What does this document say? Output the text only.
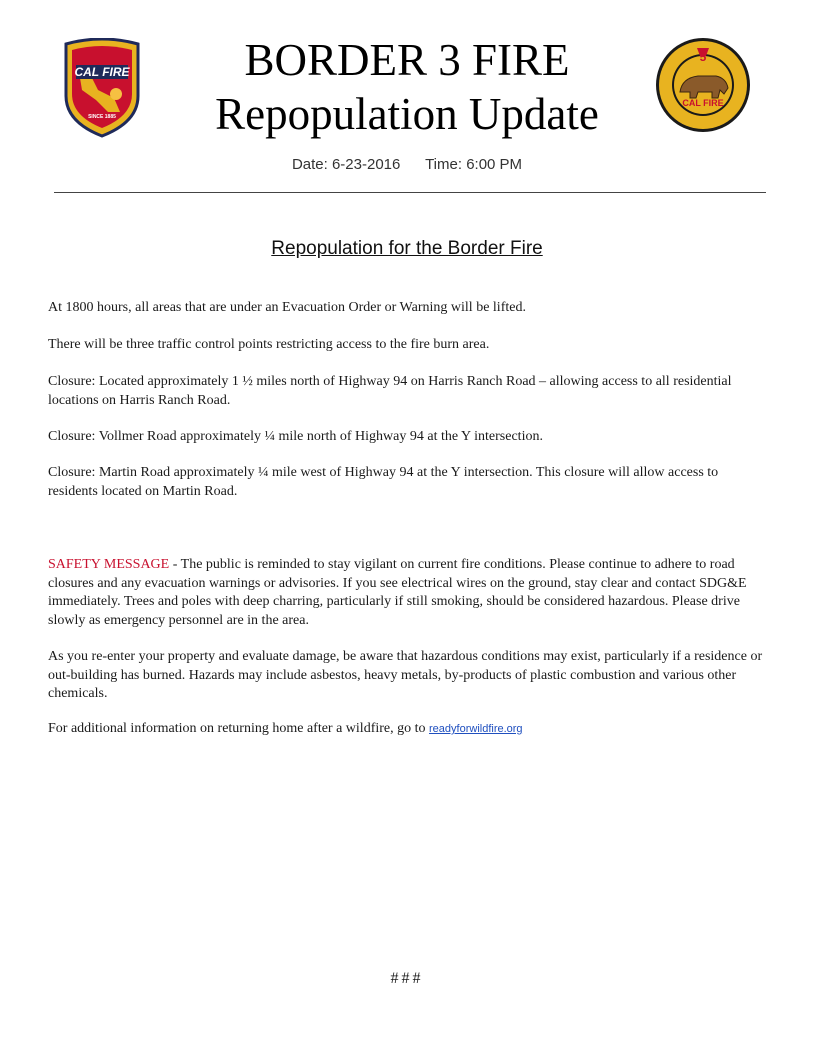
CAL FIRE
SINCE 1885
5
CAL FIRE
BORDER 3 FIRE
Repopulation Update
Date: 6-23-2016 Time: 6:00 PM
Repopulation for the Border Fire

At 1800 hours, all areas that are under an Evacuation Order or Warning will be lifted.

There will be three traffic control points restricting access to the fire burn area.

Closure: Located approximately 1 ½ miles north of Highway 94 on Harris Ranch Road – allowing access to all residential locations on Harris Ranch Road.

Closure: Vollmer Road approximately ¼ mile north of Highway 94 at the Y intersection.

Closure: Martin Road approximately ¼ mile west of Highway 94 at the Y intersection. This closure will allow access to residents located on Martin Road.

SAFETY MESSAGE - The public is reminded to stay vigilant on current fire conditions. Please continue to adhere to road closures and any evacuation warnings or advisories. If you see electrical wires on the ground, stay clear and contact SDG&E immediately. Trees and poles with deep charring, particularly if still smoking, should be considered hazardous. Please drive slowly as emergency personnel are in the area.

As you re-enter your property and evaluate damage, be aware that hazardous conditions may exist, particularly if a residence or out-building has burned. Hazards may include asbestos, heavy metals, by-products of plastic combustion and various other chemicals.

For additional information on returning home after a wildfire, go to readyforwildfire.org

###
